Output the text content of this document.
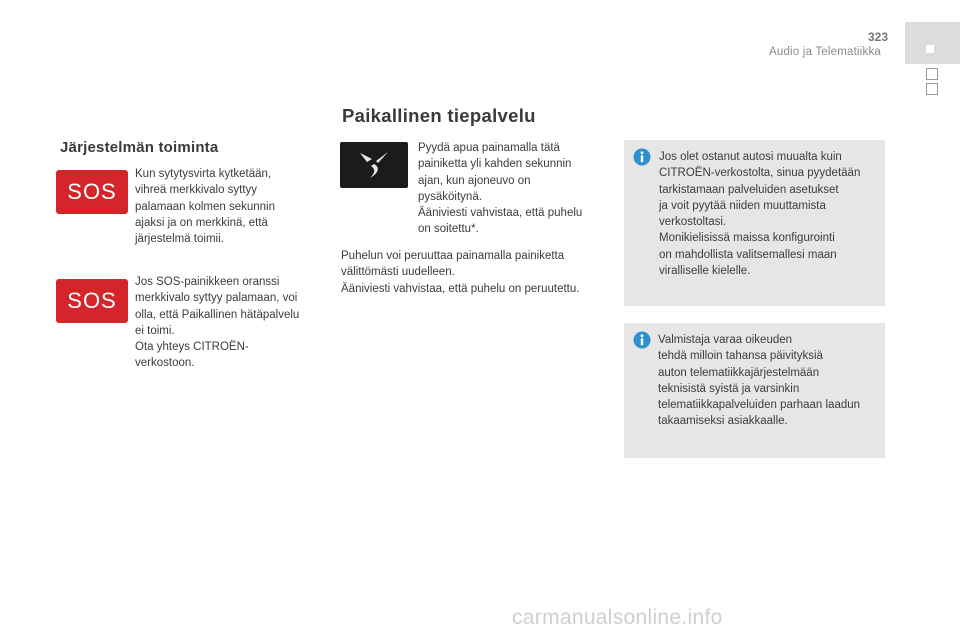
323
Audio ja Telematiikka
Paikallinen tiepalvelu
Järjestelmän toiminta
SOS

Kun sytytysvirta kytketään,

vihreä merkkivalo syttyy

palamaan kolmen sekunnin

ajaksi ja on merkkinä, että

järjestelmä toimii.

SOS

Jos SOS-painikkeen oranssi

merkkivalo syttyy palamaan, voi

olla, että Paikallinen hätäpalvelu

ei toimi.

Ota yhteys CITROËN-

verkostoon.

Pyydä apua painamalla tätä

painiketta yli kahden sekunnin

ajan, kun ajoneuvo on

pysäköitynä.

Ääniviesti vahvistaa, että puhelu

on soitettu*.

Puhelun voi peruuttaa painamalla painiketta

välittömästi uudelleen.

Ääniviesti vahvistaa, että puhelu on peruutettu.

Jos olet ostanut autosi muualta kuin

CITROËN-verkostolta, sinua pyydetään

tarkistamaan palveluiden asetukset

ja voit pyytää niiden muuttamista

verkostoltasi.

Monikielisissä maissa konfigurointi

on mahdollista valitsemallesi maan

viralliselle kielelle.

Valmistaja varaa oikeuden

tehdä milloin tahansa päivityksiä

auton telematiikkajärjestelmään

teknisistä syistä ja varsinkin

telematiikkapalveluiden parhaan laadun

takaamiseksi asiakkaalle.

carmanualsonline.info
